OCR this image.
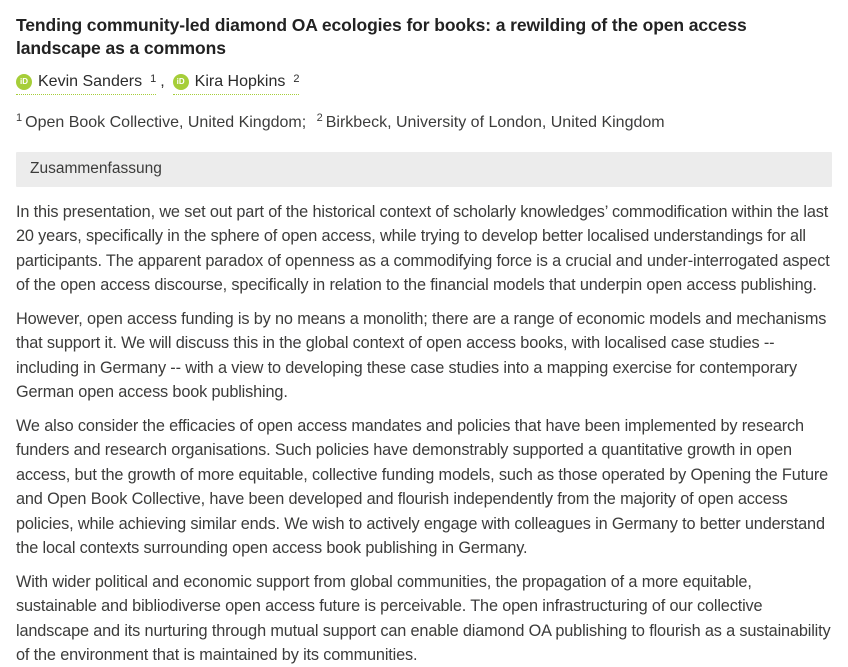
Tending community-led diamond OA ecologies for books: a rewilding of the open access landscape as a commons
iD Kevin Sanders $^1$ ,	iD Kira Hopkins $^2$

$^1$ Open Book Collective, United Kingdom; $^2$ Birkbeck, University of London, United Kingdom

Zusammenfassung

In this presentation, we set out part of the historical context of scholarly knowledges’ commodification within the last 20 years, specifically in the sphere of open access, while trying to develop better localised understandings for all participants. The apparent paradox of openness as a commodifying force is a crucial and under-interrogated aspect of the open access discourse, specifically in relation to the financial models that underpin open access publishing.

However, open access funding is by no means a monolith; there are a range of economic models and mechanisms that support it. We will discuss this in the global context of open access books, with localised case studies -- including in Germany -- with a view to developing these case studies into a mapping exercise for contemporary German open access book publishing.

We also consider the efficacies of open access mandates and policies that have been implemented by research funders and research organisations. Such policies have demonstrably supported a quantitative growth in open access, but the growth of more equitable, collective funding models, such as those operated by Opening the Future and Open Book Collective, have been developed and flourish independently from the majority of open access policies, while achieving similar ends. We wish to actively engage with colleagues in Germany to better understand the local contexts surrounding open access book publishing in Germany.

With wider political and economic support from global communities, the propagation of a more equitable, sustainable and bibliodiverse open access future is perceivable. The open infrastructuring of our collective landscape and its nurturing through mutual support can enable diamond OA publishing to flourish as a sustainability of the environment that is maintained by its communities.
